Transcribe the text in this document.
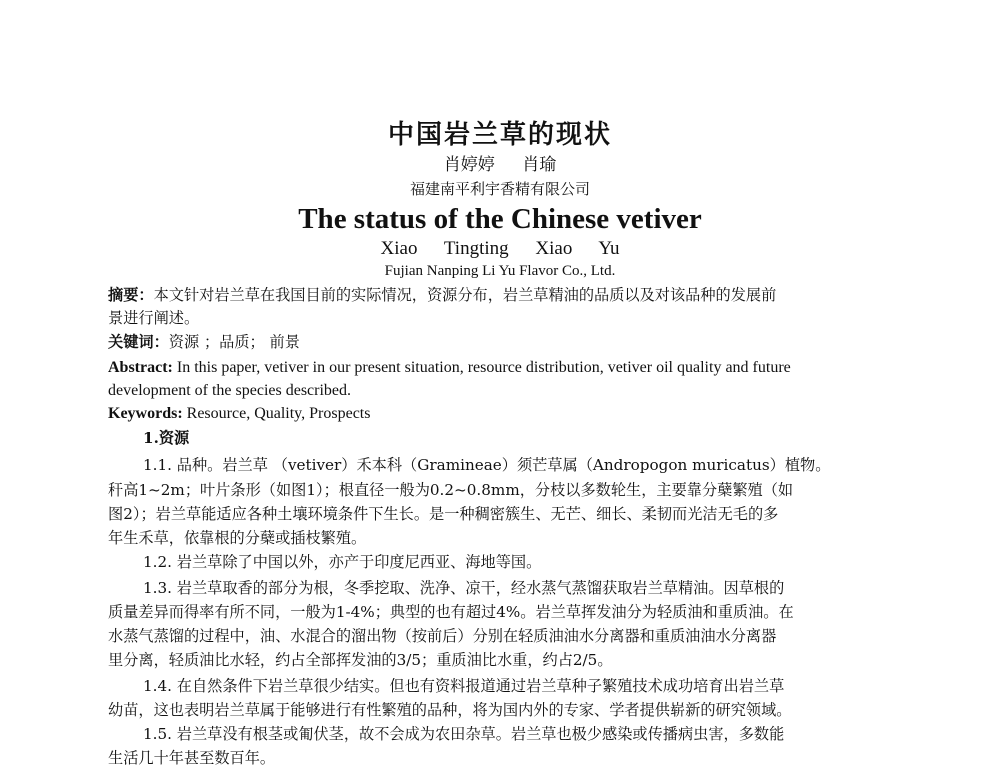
中国岩兰草的现状
肖婷婷 肖瑜
福建南平利宇香精有限公司
The status of the Chinese vetiver
Xiao Tingting Xiao Yu
Fujian Nanping Li Yu Flavor Co., Ltd.
摘要：本文针对岩兰草在我国目前的实际情况，资源分布，岩兰草精油的品质以及对该品种的发展前
景进行阐述。
关键词：资源 ；品质； 前景
Abstract: In this paper, vetiver in our present situation, resource distribution, vetiver oil quality and future
development of the species described.
Keywords: Resource, Quality, Prospects
1.资源
1.1. 品种。岩兰草 （vetiver）禾本科（Gramineae）须芒草属（Andropogon muricatus）植物。
秆高1~2m；叶片条形（如图1）；根直径一般为0.2~0.8mm，分枝以多数轮生，主要靠分蘖繁殖（如
图2）；岩兰草能适应各种土壤环境条件下生长。是一种稠密簇生、无芒、细长、柔韧而光洁无毛的多
年生禾草，依靠根的分蘖或插枝繁殖。
1.2. 岩兰草除了中国以外，亦产于印度尼西亚、海地等国。
1.3. 岩兰草取香的部分为根，冬季挖取、洗净、凉干，经水蒸气蒸馏获取岩兰草精油。因草根的
质量差异而得率有所不同，一般为1-4%；典型的也有超过4%。岩兰草挥发油分为轻质油和重质油。在
水蒸气蒸馏的过程中，油、水混合的溜出物（按前后）分别在轻质油油水分离器和重质油油水分离器
里分离，轻质油比水轻，约占全部挥发油的3/5；重质油比水重，约占2/5。
1.4. 在自然条件下岩兰草很少结实。但也有资料报道通过岩兰草种子繁殖技术成功培育出岩兰草
幼苗，这也表明岩兰草属于能够进行有性繁殖的品种，将为国内外的专家、学者提供崭新的研究领域。
1.5. 岩兰草没有根茎或匍伏茎，故不会成为农田杂草。岩兰草也极少感染或传播病虫害，多数能
生活几十年甚至数百年。
